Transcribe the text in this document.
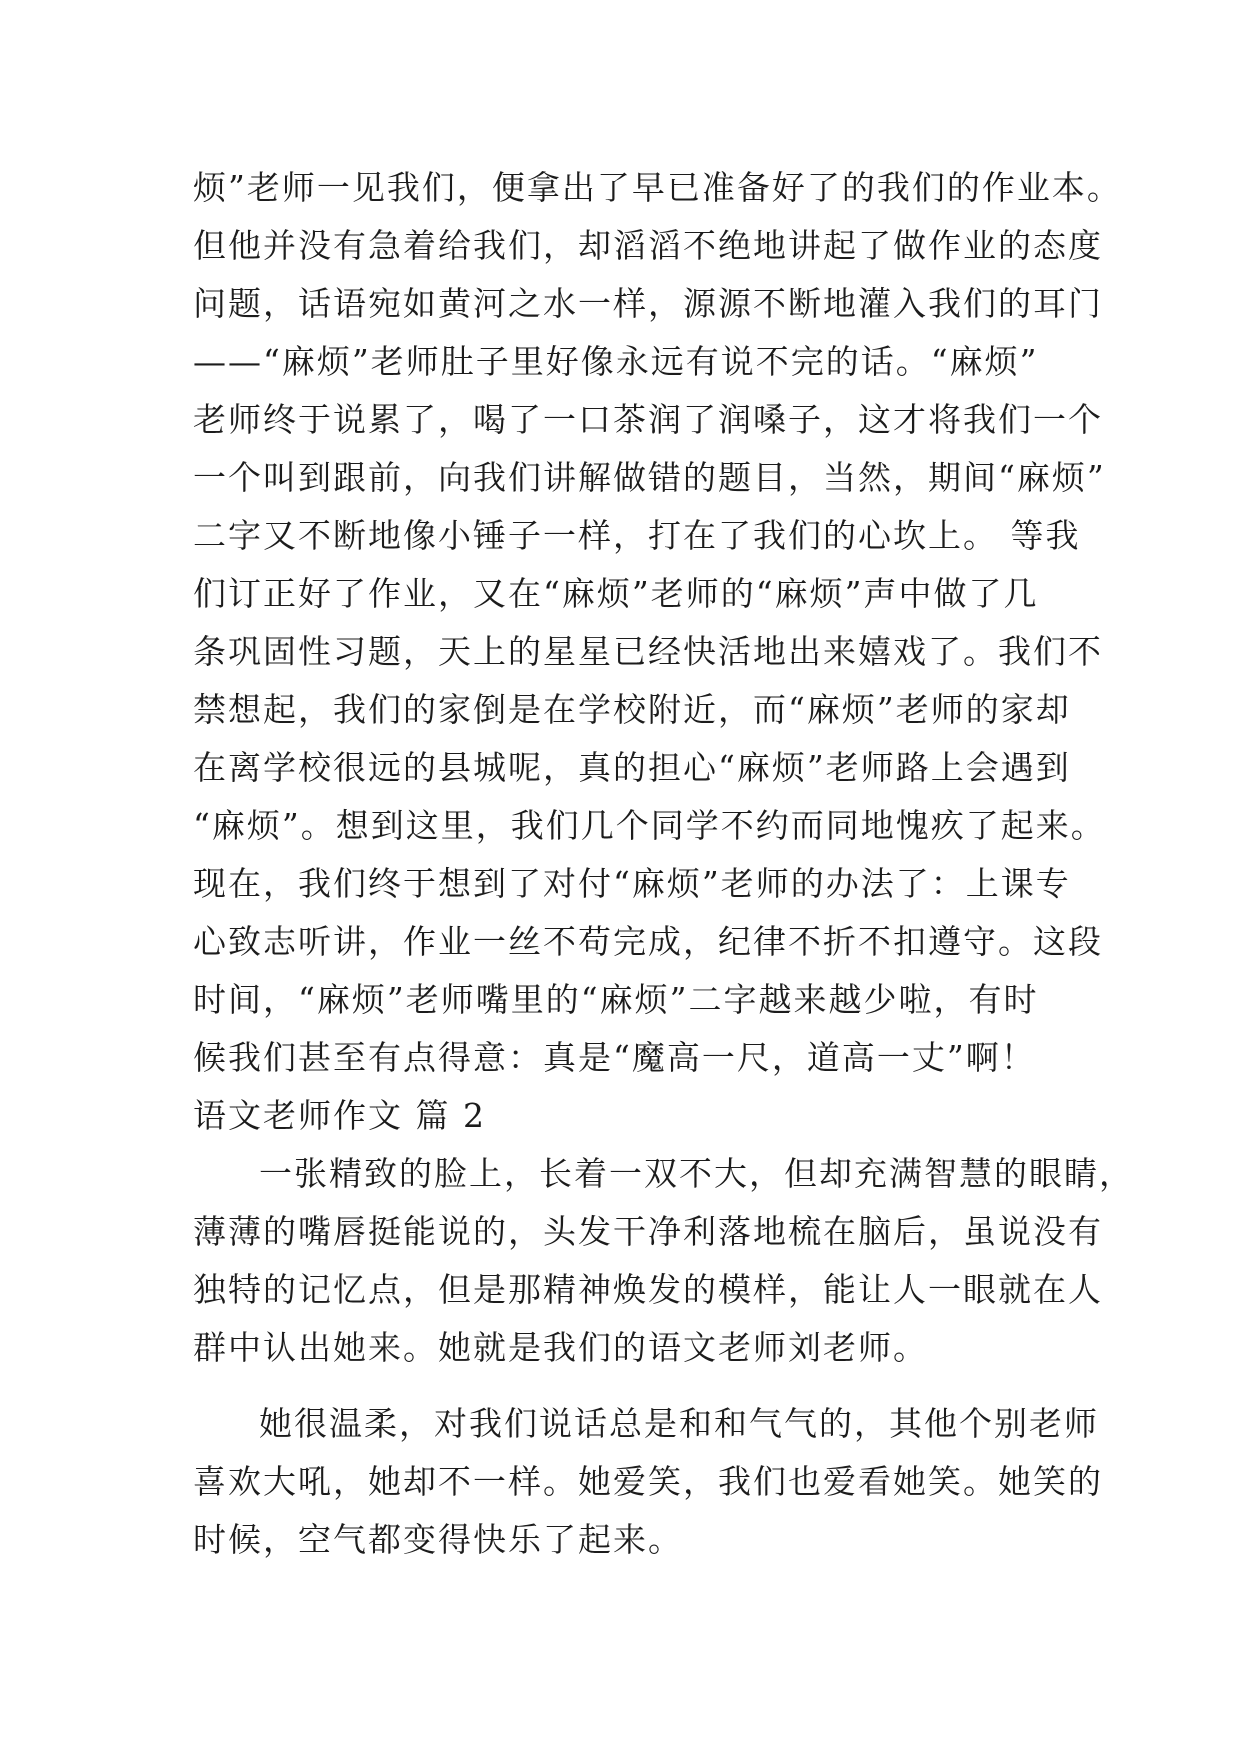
烦”老师一见我们，便拿出了早已准备好了的我们的作业本。
但他并没有急着给我们，却滔滔不绝地讲起了做作业的态度
问题，话语宛如黄河之水一样，源源不断地灌入我们的耳门
——“麻烦”老师肚子里好像永远有说不完的话。“麻烦”
老师终于说累了，喝了一口茶润了润嗓子，这才将我们一个
一个叫到跟前，向我们讲解做错的题目，当然，期间“麻烦”
二字又不断地像小锤子一样，打在了我们的心坎上。 等我
们订正好了作业，又在“麻烦”老师的“麻烦”声中做了几
条巩固性习题，天上的星星已经快活地出来嬉戏了。我们不
禁想起，我们的家倒是在学校附近，而“麻烦”老师的家却
在离学校很远的县城呢，真的担心“麻烦”老师路上会遇到
“麻烦”。想到这里，我们几个同学不约而同地愧疚了起来。
现在，我们终于想到了对付“麻烦”老师的办法了：上课专
心致志听讲，作业一丝不苟完成，纪律不折不扣遵守。这段
时间，“麻烦”老师嘴里的“麻烦”二字越来越少啦，有时
候我们甚至有点得意：真是“魔高一尺，道高一丈”啊！
语文老师作文 篇 2
一张精致的脸上，长着一双不大，但却充满智慧的眼睛，
薄薄的嘴唇挺能说的，头发干净利落地梳在脑后，虽说没有
独特的记忆点，但是那精神焕发的模样，能让人一眼就在人
群中认出她来。她就是我们的语文老师刘老师。
她很温柔，对我们说话总是和和气气的，其他个别老师
喜欢大吼，她却不一样。她爱笑，我们也爱看她笑。她笑的
时候，空气都变得快乐了起来。
